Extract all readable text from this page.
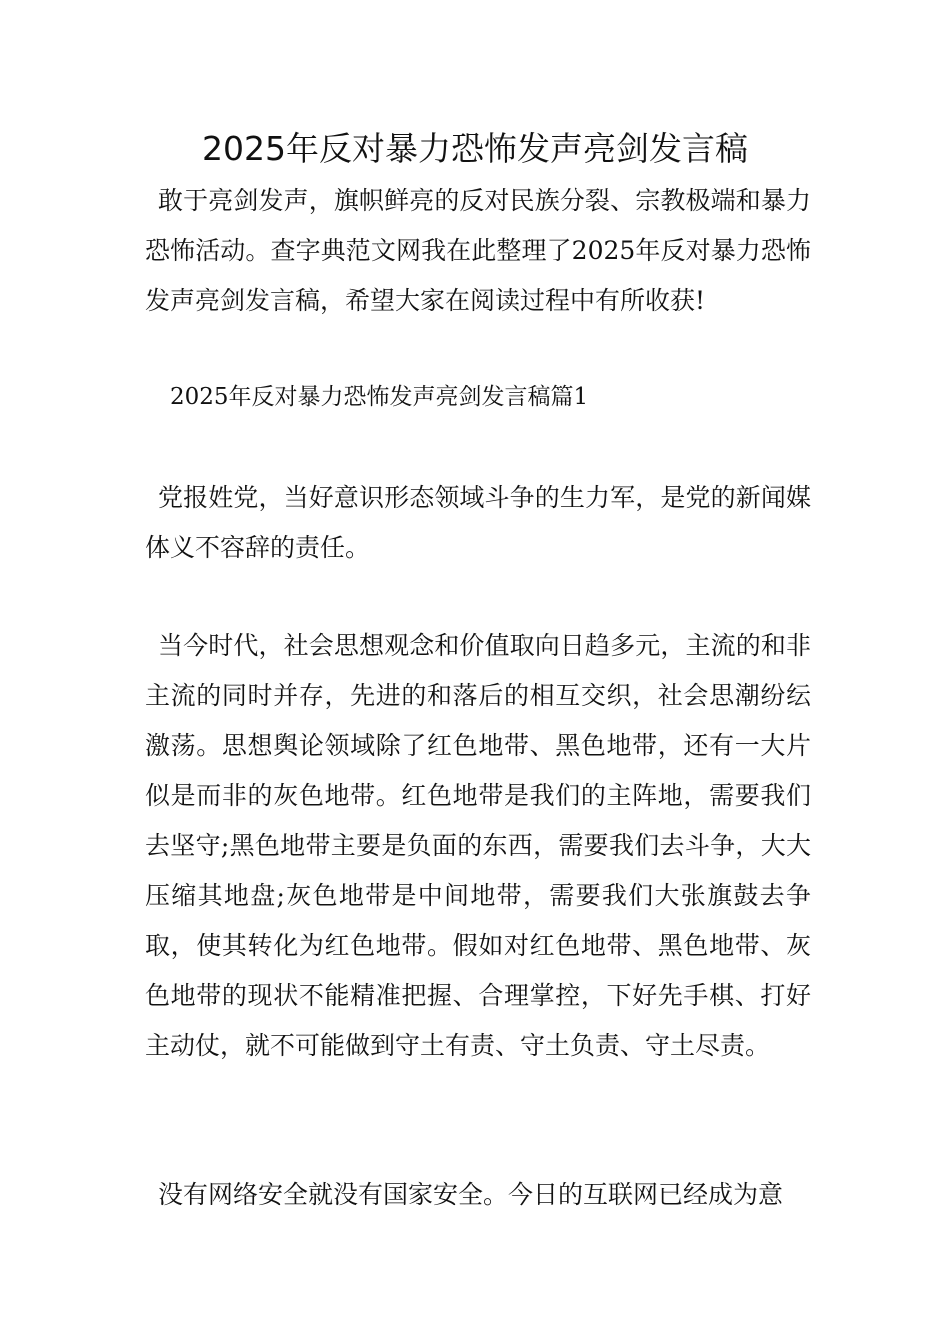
2025年反对暴力恐怖发声亮剑发言稿

敢于亮剑发声，旗帜鲜亮的反对民族分裂、宗教极端和暴力恐怖活动。查字典范文网我在此整理了2025年反对暴力恐怖发声亮剑发言稿，希望大家在阅读过程中有所收获!

2025年反对暴力恐怖发声亮剑发言稿篇1

党报姓党，当好意识形态领域斗争的生力军，是党的新闻媒体义不容辞的责任。

当今时代，社会思想观念和价值取向日趋多元，主流的和非主流的同时并存，先进的和落后的相互交织，社会思潮纷纭激荡。思想舆论领域除了红色地带、黑色地带，还有一大片似是而非的灰色地带。红色地带是我们的主阵地，需要我们去坚守;黑色地带主要是负面的东西，需要我们去斗争，大大压缩其地盘;灰色地带是中间地带，需要我们大张旗鼓去争取，使其转化为红色地带。假如对红色地带、黑色地带、灰色地带的现状不能精准把握、合理掌控，下好先手棋、打好主动仗，就不可能做到守土有责、守土负责、守土尽责。

没有网络安全就没有国家安全。今日的互联网已经成为意
